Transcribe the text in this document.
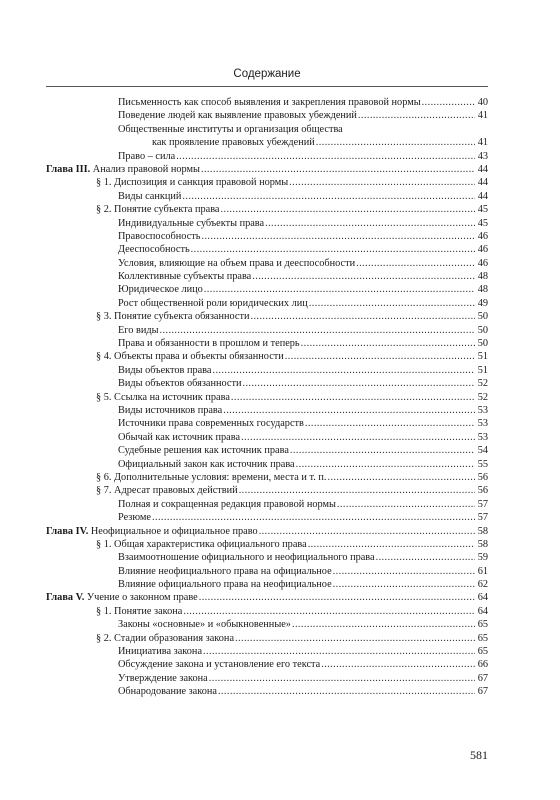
Содержание
Письменность как способ выявления и закрепления правовой нормы .....	40
Поведение людей как выявление правовых убеждений .....	41
Общественные институты и организация общества
как проявление правовых убеждений .....	41
Право – сила .....	43
Глава III. Анализ правовой нормы .....	44
§ 1. Диспозиция и санкция правовой нормы .....	44
Виды санкций .....	44
§ 2. Понятие субъекта права .....	45
Индивидуальные субъекты права .....	45
Правоспособность .....	46
Дееспособность .....	46
Условия, влияющие на объем права и дееспособности .....	46
Коллективные субъекты права .....	48
Юридическое лицо .....	48
Рост общественной роли юридических лиц .....	49
§ 3. Понятие субъекта обязанности .....	50
Его виды .....	50
Права и обязанности в прошлом и теперь .....	50
§ 4. Объекты права и объекты обязанности .....	51
Виды объектов права .....	51
Виды объектов обязанности .....	52
§ 5. Ссылка на источник права .....	52
Виды источников права .....	53
Источники права современных государств .....	53
Обычай как источник права .....	53
Судебные решения как источник права .....	54
Официальный закон как источник права .....	55
§ 6. Дополнительные условия: времени, места и т. п. .....	56
§ 7. Адресат правовых действий .....	56
Полная и сокращенная редакция правовой нормы .....	57
Резюме .....	57
Глава IV. Неофициальное и официальное право .....	58
§ 1. Общая характеристика официального права .....	58
Взаимоотношение официального и неофициального права .....	59
Влияние неофициального права на официальное .....	61
Влияние официального права на неофициальное .....	62
Глава V. Учение о законном праве .....	64
§ 1. Понятие закона .....	64
Законы «основные» и «обыкновенные» .....	65
§ 2. Стадии образования закона .....	65
Инициатива закона .....	65
Обсуждение закона и установление его текста .....	66
Утверждение закона .....	67
Обнародование закона .....	67
581
